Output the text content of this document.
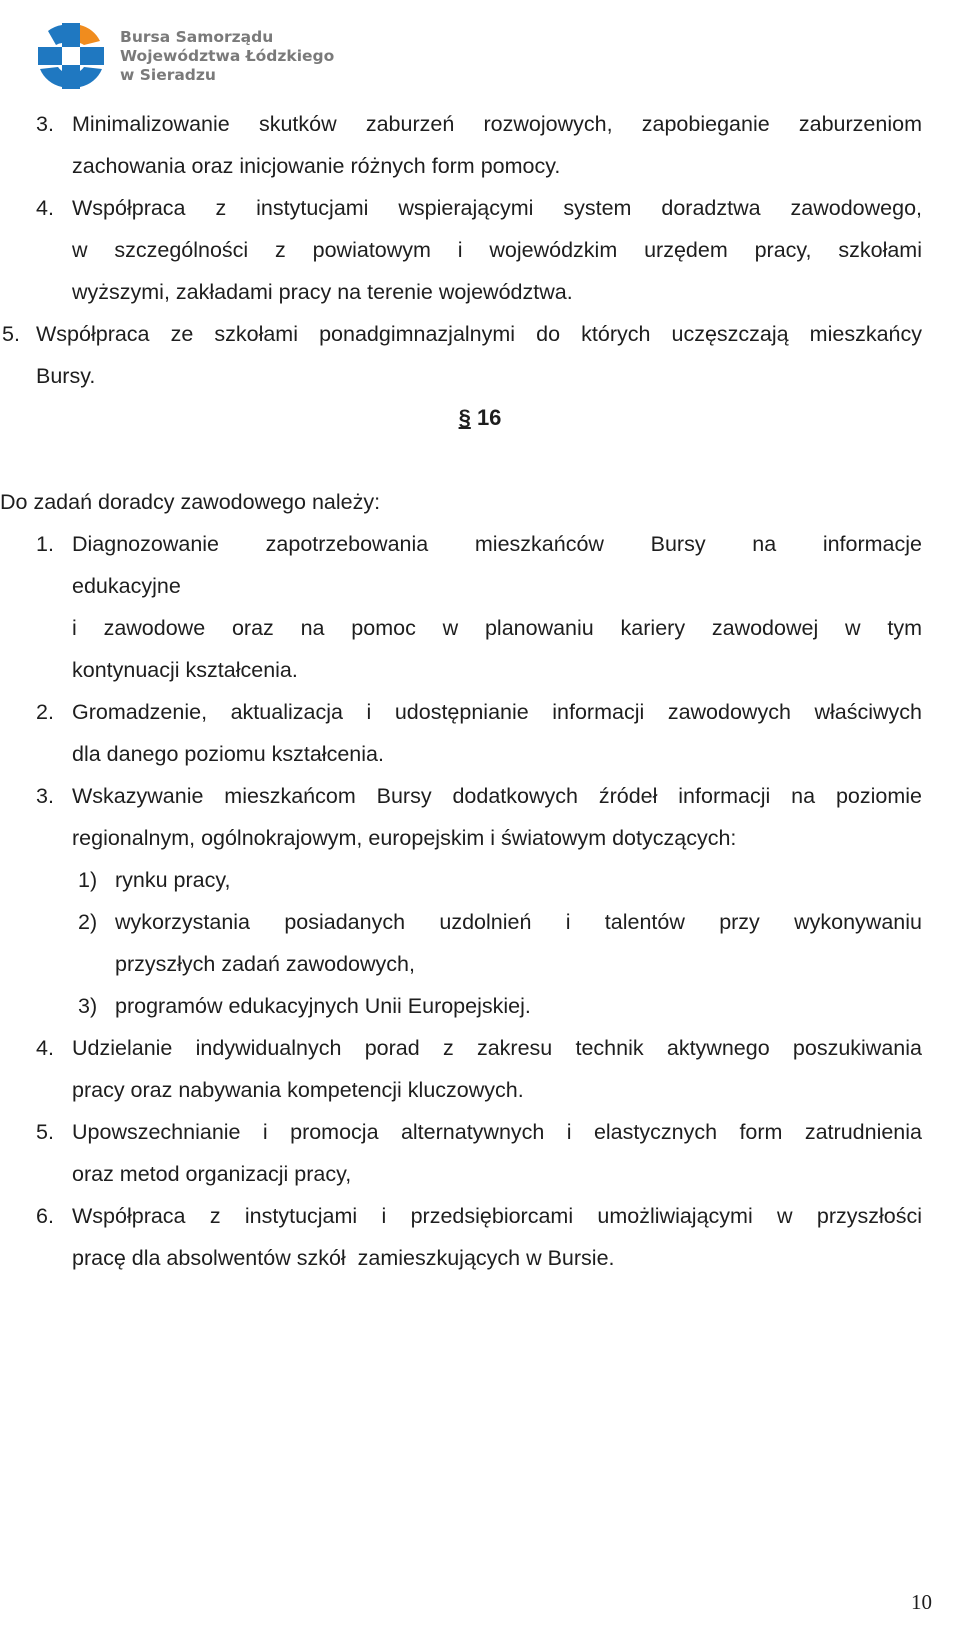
Bursa Samorządu
Województwa Łódzkiego
w Sieradzu
3. Minimalizowanie skutków zaburzeń rozwojowych, zapobieganie zaburzeniom
zachowania oraz inicjowanie różnych form pomocy.
4. Współpraca z instytucjami wspierającymi system doradztwa zawodowego,
w szczególności z powiatowym i wojewódzkim urzędem pracy, szkołami
wyższymi, zakładami pracy na terenie województwa.
5. Współpraca ze szkołami ponadgimnazjalnymi do których uczęszczają mieszkańcy
Bursy.
§ 16
Do zadań doradcy zawodowego należy:
1. Diagnozowanie zapotrzebowania mieszkańców Bursy na informacje
edukacyjne
i zawodowe oraz na pomoc w planowaniu kariery zawodowej w tym
kontynuacji kształcenia.
2. Gromadzenie, aktualizacja i udostępnianie informacji zawodowych właściwych
dla danego poziomu kształcenia.
3. Wskazywanie mieszkańcom Bursy dodatkowych źródeł informacji na poziomie
regionalnym, ogólnokrajowym, europejskim i światowym dotyczących:
1) rynku pracy,
2) wykorzystania posiadanych uzdolnień i talentów przy wykonywaniu
przyszłych zadań zawodowych,
3) programów edukacyjnych Unii Europejskiej.
4. Udzielanie indywidualnych porad z zakresu technik aktywnego poszukiwania
pracy oraz nabywania kompetencji kluczowych.
5. Upowszechnianie i promocja alternatywnych i elastycznych form zatrudnienia
oraz metod organizacji pracy,
6. Współpraca z instytucjami i przedsiębiorcami umożliwiającymi w przyszłości
pracę dla absolwentów szkół  zamieszkujących w Bursie.
10
